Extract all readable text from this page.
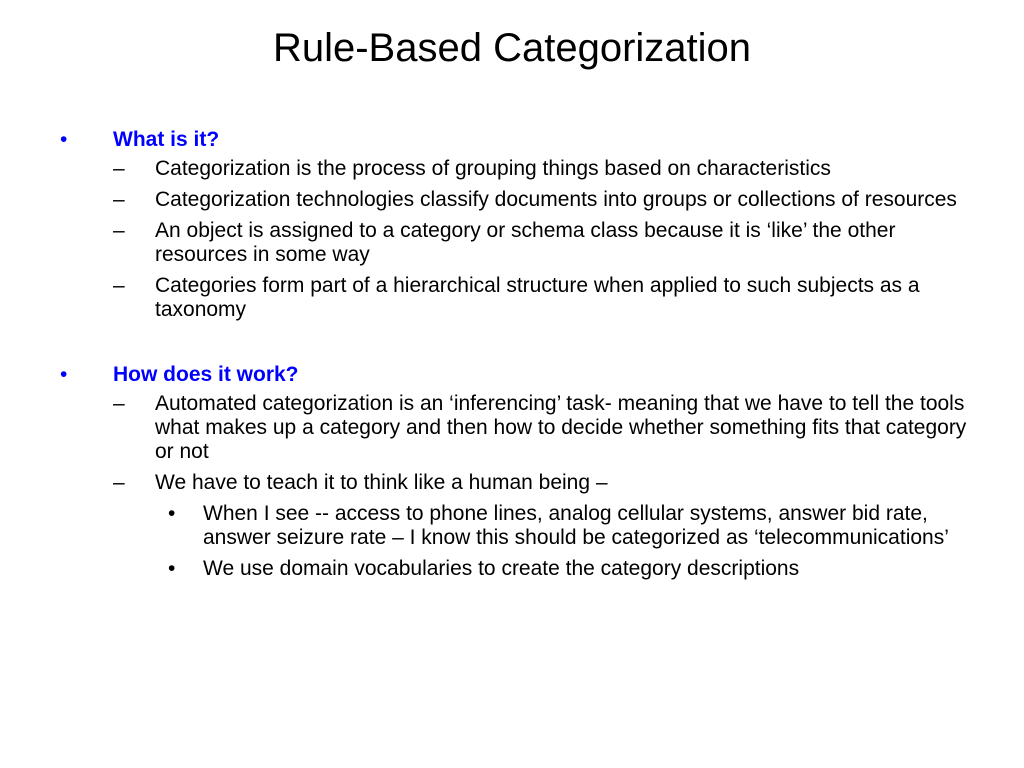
Rule-Based Categorization
•	What is it?
– Categorization is the process of grouping things based on characteristics
– Categorization technologies classify documents into groups or collections of resources
– An object is assigned to a category or schema class because it is ‘like’ the other resources in some way
– Categories form part of a hierarchical structure when applied to such subjects as a taxonomy
•	How does it work?
– Automated categorization is an ‘inferencing’ task- meaning that we have to tell the tools what makes up a category and then how to decide whether something fits that category or not
– We have to teach it to think like a human being –
• When I see -- access to phone lines, analog cellular systems, answer bid rate, answer seizure rate – I know this should be categorized as ‘telecommunications’
• We use domain vocabularies to create the category descriptions
